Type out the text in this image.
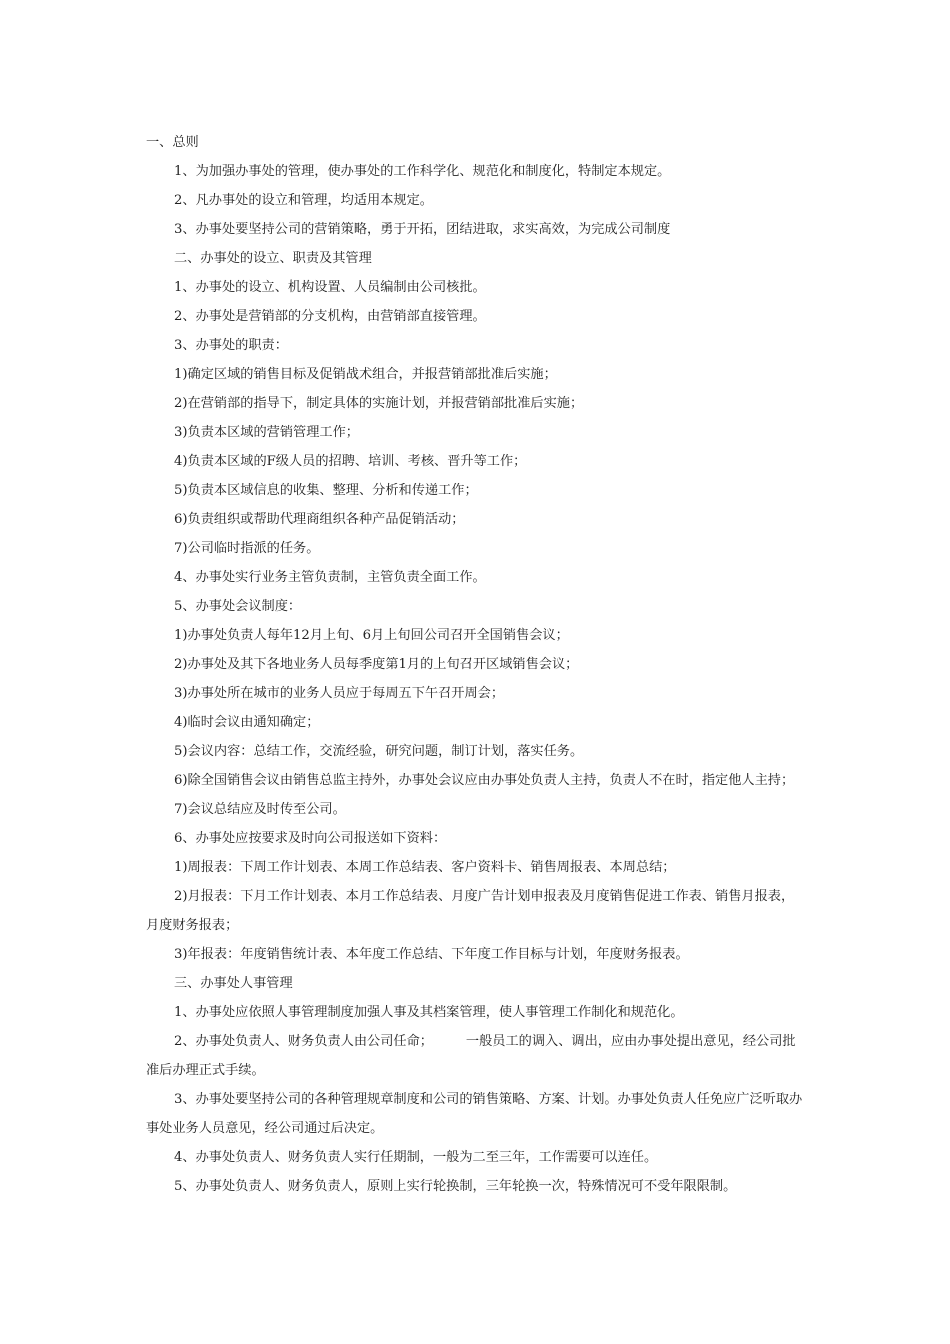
一、总则

1、为加强办事处的管理，使办事处的工作科学化、规范化和制度化，特制定本规定。

2、凡办事处的设立和管理，均适用本规定。

3、办事处要坚持公司的营销策略，勇于开拓，团结进取，求实高效，为完成公司制度

二、办事处的设立、职责及其管理

1、办事处的设立、机构设置、人员编制由公司核批。

2、办事处是营销部的分支机构，由营销部直接管理。

3、办事处的职责：

1)确定区域的销售目标及促销战术组合，并报营销部批准后实施；

2)在营销部的指导下，制定具体的实施计划，并报营销部批准后实施；

3)负责本区域的营销管理工作；

4)负责本区域的F级人员的招聘、培训、考核、晋升等工作；

5)负责本区域信息的收集、整理、分析和传递工作；

6)负责组织或帮助代理商组织各种产品促销活动；

7)公司临时指派的任务。

4、办事处实行业务主管负责制，主管负责全面工作。

5、办事处会议制度：

1)办事处负责人每年12月上旬、6月上旬回公司召开全国销售会议；

2)办事处及其下各地业务人员每季度第1月的上旬召开区域销售会议；

3)办事处所在城市的业务人员应于每周五下午召开周会；

4)临时会议由通知确定；

5)会议内容：总结工作，交流经验，研究问题，制订计划，落实任务。

6)除全国销售会议由销售总监主持外，办事处会议应由办事处负责人主持，负责人不在时，指定他人主持；

7)会议总结应及时传至公司。

6、办事处应按要求及时向公司报送如下资料：

1)周报表：下周工作计划表、本周工作总结表、客户资料卡、销售周报表、本周总结；

2)月报表：下月工作计划表、本月工作总结表、月度广告计划申报表及月度销售促进工作表、销售月报表，月度财务报表；

3)年报表：年度销售统计表、本年度工作总结、下年度工作目标与计划，年度财务报表。

三、办事处人事管理

1、办事处应依照人事管理制度加强人事及其档案管理，使人事管理工作制化和规范化。

2、办事处负责人、财务负责人由公司任命；　　　一般员工的调入、调出，应由办事处提出意见，经公司批准后办理正式手续。

3、办事处要坚持公司的各种管理规章制度和公司的销售策略、方案、计划。办事处负责人任免应广泛听取办事处业务人员意见，经公司通过后决定。

4、办事处负责人、财务负责人实行任期制，一般为二至三年，工作需要可以连任。

5、办事处负责人、财务负责人，原则上实行轮换制，三年轮换一次，特殊情况可不受年限限制。
